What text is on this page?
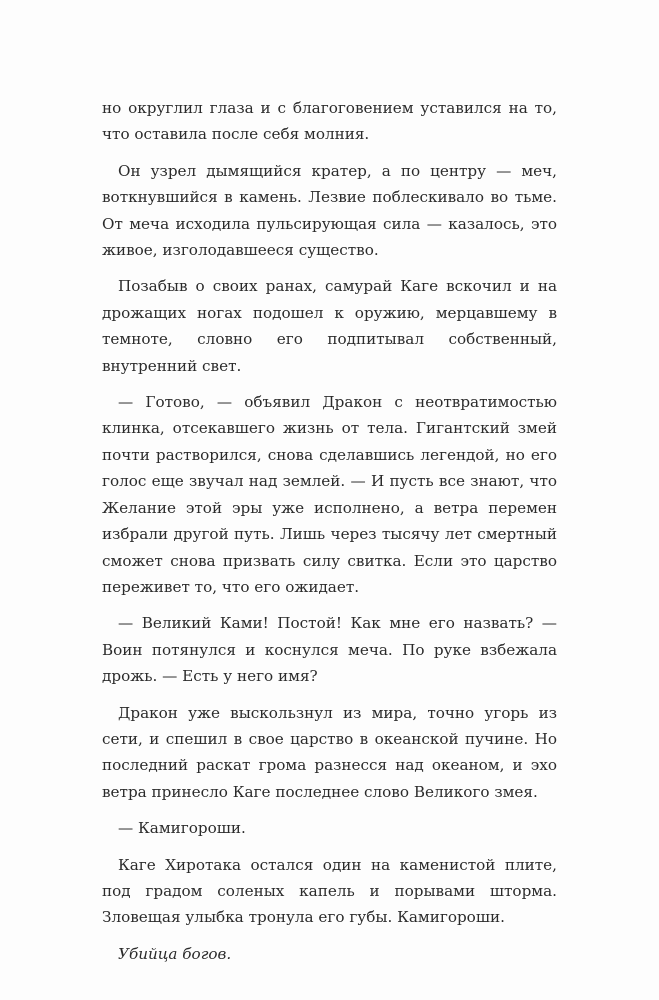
но округлил глаза и с благоговением уставился на то, что оставила после себя молния.

Он узрел дымящийся кратер, а по центру — меч, воткнувшийся в камень. Лезвие поблескивало во тьме. От меча исходила пульсирующая сила — казалось, это живое, изголодавшееся существо.

Позабыв о своих ранах, самурай Каге вскочил и на дрожащих ногах подошел к оружию, мерцавшему в темноте, словно его подпитывал собственный, внутренний свет.

— Готово, — объявил Дракон с неотвратимостью клинка, отсекавшего жизнь от тела. Гигантский змей почти растворился, снова сделавшись легендой, но его голос еще звучал над землей. — И пусть все знают, что Желание этой эры уже исполнено, а ветра перемен избрали другой путь. Лишь через тысячу лет смертный сможет снова призвать силу свитка. Если это царство переживет то, что его ожидает.

— Великий Ками! Постой! Как мне его назвать? — Воин потянулся и коснулся меча. По руке взбежала дрожь. — Есть у него имя?

Дракон уже выскользнул из мира, точно угорь из сети, и спешил в свое царство в океанской пучине. Но последний раскат грома разнесся над океаном, и эхо ветра принесло Каге последнее слово Великого змея.

— Камигороши.

Каге Хиротака остался один на каменистой плите, под градом соленых капель и порывами шторма. Зловещая улыбка тронула его губы. Камигороши.

Убийца богов.
